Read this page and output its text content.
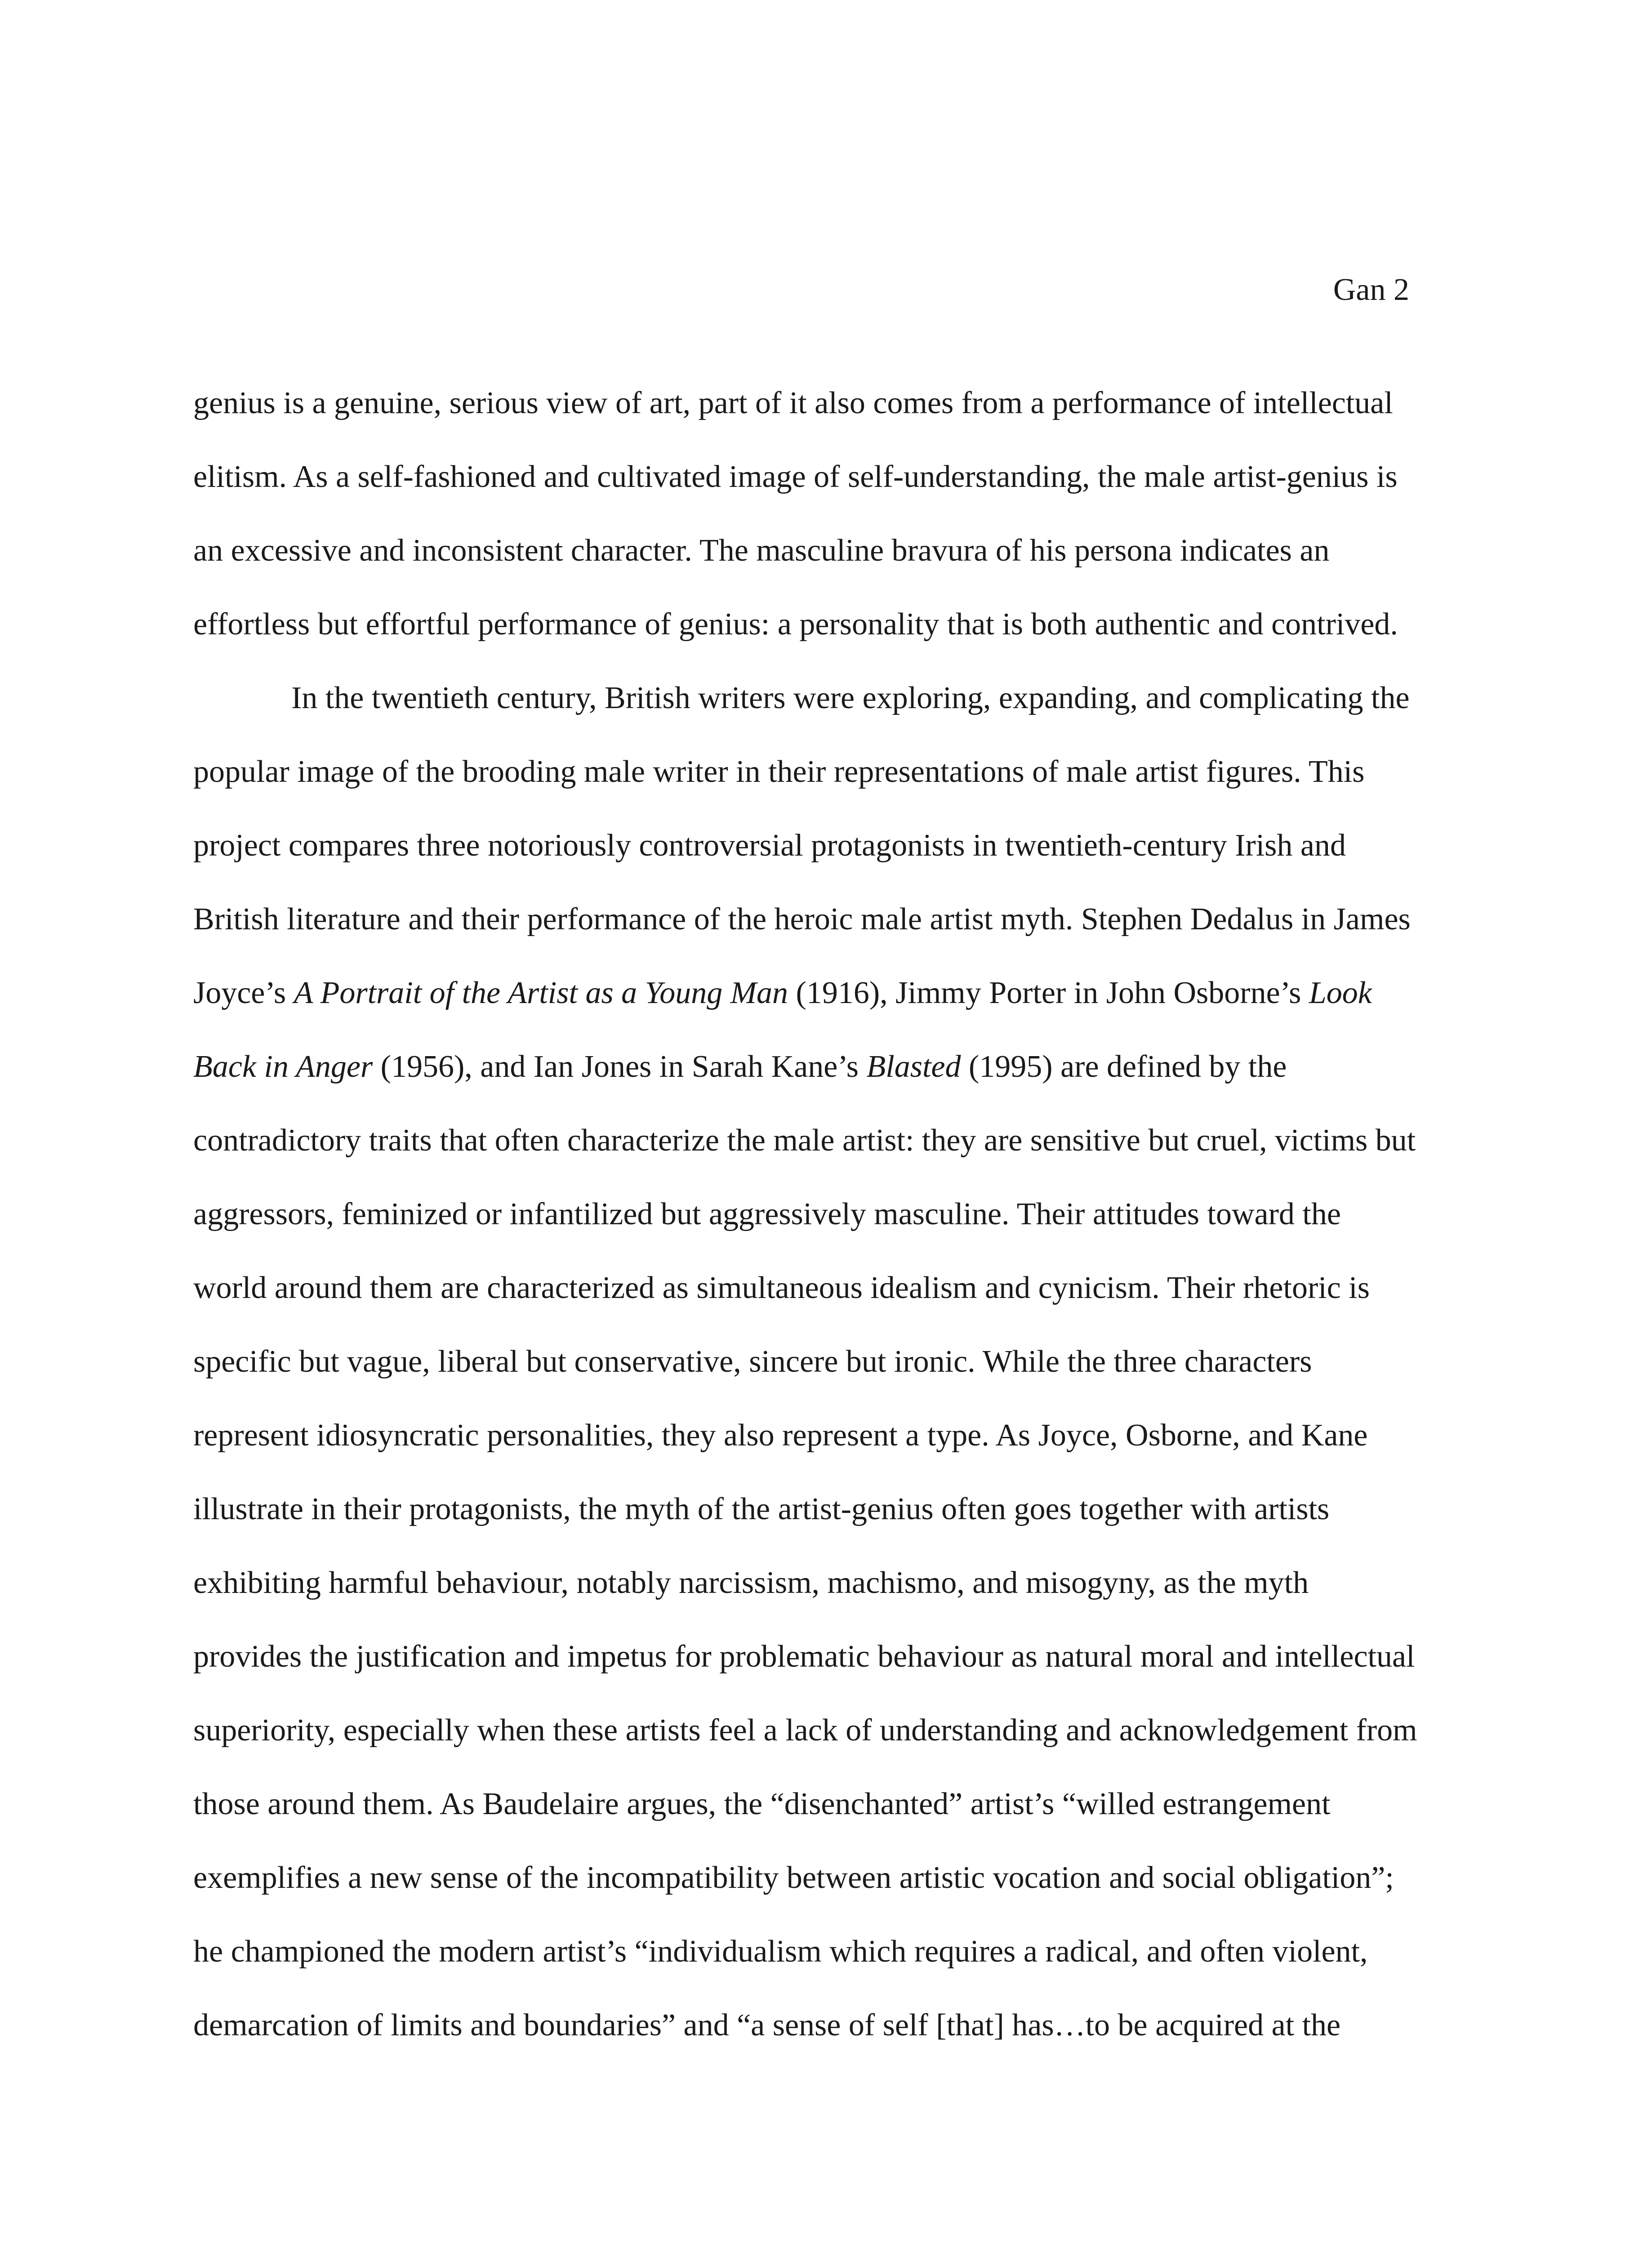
Gan 2

genius is a genuine, serious view of art, part of it also comes from a performance of intellectual
elitism. As a self-fashioned and cultivated image of self-understanding, the male artist-genius is
an excessive and inconsistent character. The masculine bravura of his persona indicates an
effortless but effortful performance of genius: a personality that is both authentic and contrived.

In the twentieth century, British writers were exploring, expanding, and complicating the
popular image of the brooding male writer in their representations of male artist figures. This
project compares three notoriously controversial protagonists in twentieth-century Irish and
British literature and their performance of the heroic male artist myth. Stephen Dedalus in James
Joyce’s A Portrait of the Artist as a Young Man (1916), Jimmy Porter in John Osborne’s Look
Back in Anger (1956), and Ian Jones in Sarah Kane’s Blasted (1995) are defined by the
contradictory traits that often characterize the male artist: they are sensitive but cruel, victims but
aggressors, feminized or infantilized but aggressively masculine. Their attitudes toward the
world around them are characterized as simultaneous idealism and cynicism. Their rhetoric is
specific but vague, liberal but conservative, sincere but ironic. While the three characters
represent idiosyncratic personalities, they also represent a type. As Joyce, Osborne, and Kane
illustrate in their protagonists, the myth of the artist-genius often goes together with artists
exhibiting harmful behaviour, notably narcissism, machismo, and misogyny, as the myth
provides the justification and impetus for problematic behaviour as natural moral and intellectual
superiority, especially when these artists feel a lack of understanding and acknowledgement from
those around them. As Baudelaire argues, the “disenchanted” artist’s “willed estrangement
exemplifies a new sense of the incompatibility between artistic vocation and social obligation”;
he championed the modern artist’s “individualism which requires a radical, and often violent,
demarcation of limits and boundaries” and “a sense of self [that] has…to be acquired at the
